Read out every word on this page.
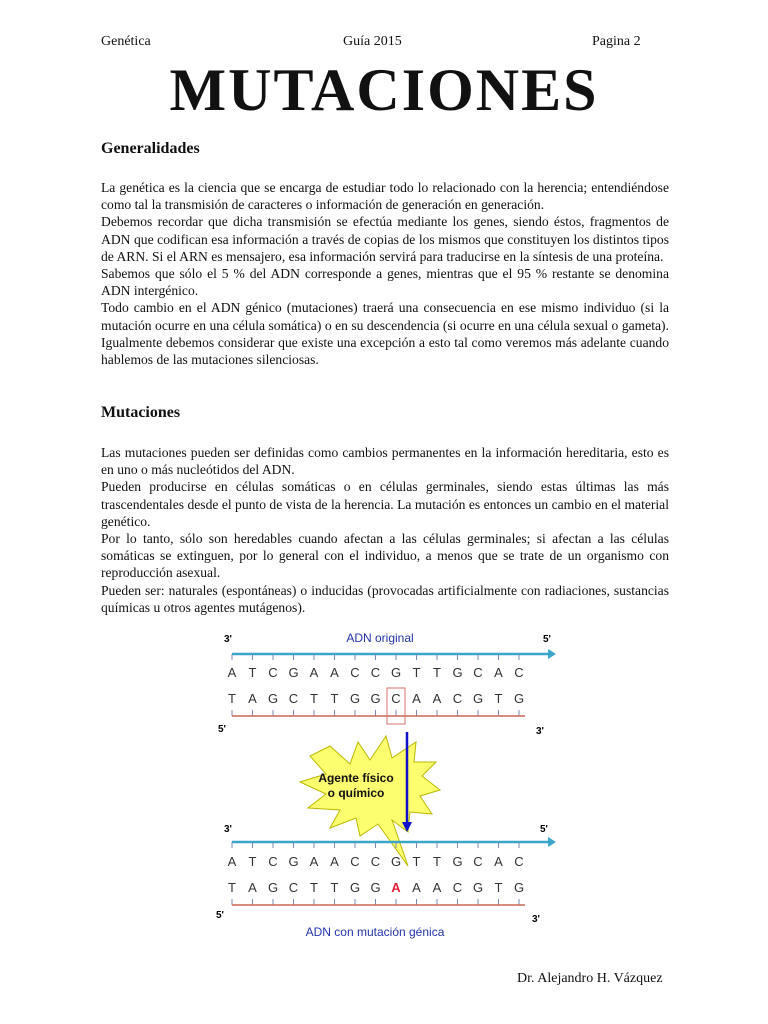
Genética	Guía 2015	Pagina 2
MUTACIONES
Generalidades

La genética es la ciencia que se encarga de estudiar todo lo relacionado con la herencia; entendiéndose como tal la transmisión de caracteres o información de generación en generación.

Debemos recordar que dicha transmisión se efectúa mediante los genes, siendo éstos, fragmentos de ADN que codifican esa información a través de copias de los mismos que constituyen los distintos tipos de ARN. Si el ARN es mensajero, esa información servirá para traducirse en la síntesis de una proteína.

Sabemos que sólo el 5 % del ADN corresponde a genes, mientras que el 95 % restante se denomina ADN intergénico.

Todo cambio en el ADN génico (mutaciones) traerá una consecuencia en ese mismo individuo (si la mutación ocurre en una célula somática) o en su descendencia (si ocurre en una célula sexual o gameta). Igualmente debemos considerar que existe una excepción a esto tal como veremos más adelante cuando hablemos de las mutaciones silenciosas.

Mutaciones

Las mutaciones pueden ser definidas como cambios permanentes en la información hereditaria, esto es en uno o más nucleótidos del ADN.

Pueden producirse en células somáticas o en células germinales, siendo estas últimas las más trascendentales desde el punto de vista de la herencia. La mutación es entonces un cambio en el material genético.

Por lo tanto, sólo son heredables cuando afectan a las células germinales; si afectan a las células somáticas se extinguen, por lo general con el individuo, a menos que se trate de un organismo con reproducción asexual.

Pueden ser: naturales (espontáneas) o inducidas (provocadas artificialmente con radiaciones, sustancias químicas u otros agentes mutágenos).

Agente físico
o químico
ADN original
ADN con mutación génica
3'	5'
5'	3'
3'	5'
5'	3'
A T C G A A C C G T T G C A C
T A G C T T G G C A A C G T G
A T C G A A C C G T T G C A C
T A G C T T G G A A A C G T G
Dr. Alejandro H. Vázquez
